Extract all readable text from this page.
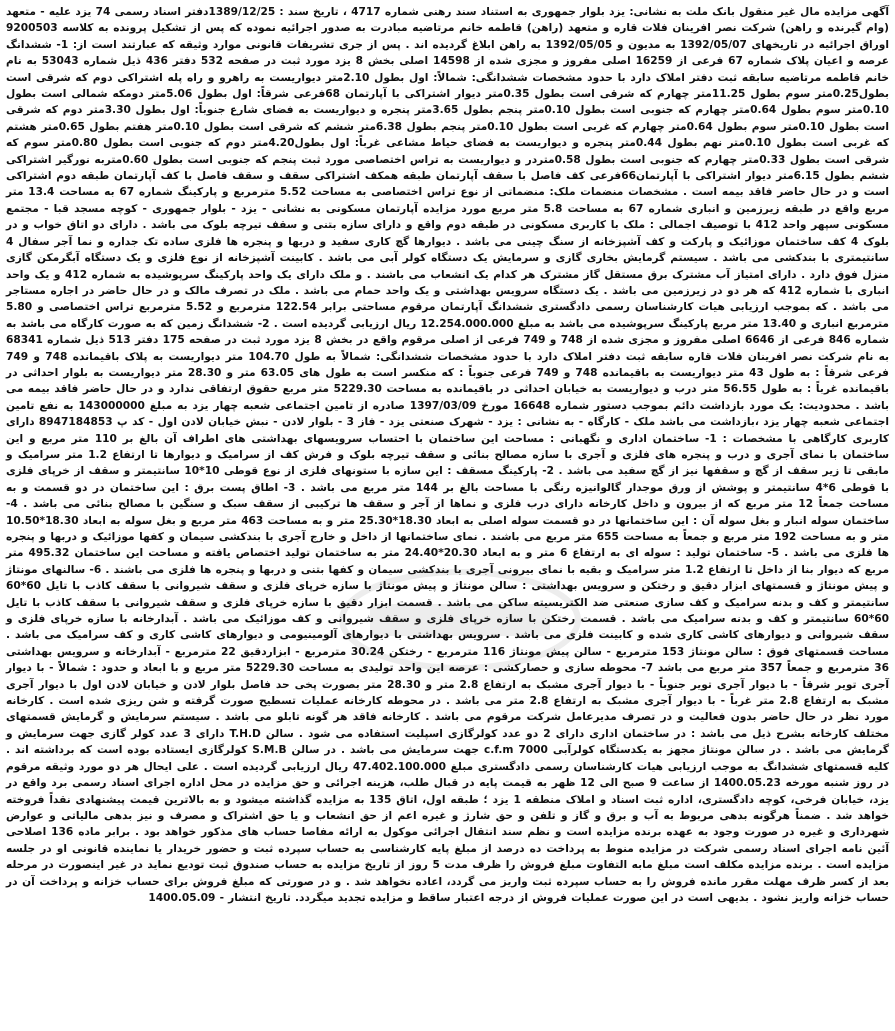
آگهی مزایده مال غیر منقول بانک ملت به نشانی: یزد بلوار جمهوری به استناد سند رهنی شماره 4717 ، تاریخ سند : 1389/12/25دفتر اسناد رسمی 74 یزد علیه - متعهد (وام گیرنده و راهن) شرکت نصر افرینان فلات قاره و متعهد (راهن) قاطمه خانم مرتاضیه مبادرت به صدور اجرائیه نموده که پس از تشکیل پرونده به کلاسه 9200503 اوراق اجرائیه در تاریخهای 1392/05/07 به مدیون و 1392/05/05 به راهن ابلاغ گردیده اند . پس از جری تشریفات قانونی موارد وثیقه که عبارتند است از: 1- ششدانگ عرصه و اعیان پلاک شماره 67 فرعی از 16259 اصلی مفروز و مجزی شده از 14598 اصلی بخش 8 یزد مورد ثبت در صفحه 532 دفتر 436 ذیل شماره 53043 به نام خانم قاطمه مرتاضیه سابقه ثبت دفتر املاک دارد با حدود مشخصات ششدانگی: شمالاً: اول بطول 2.10متر دیواریست به راهرو و راه پله اشتراکی دوم که شرقی است بطول0.25متر سوم بطول 11.25متر چهارم که شرقی است بطول 0.35متر دیوار اشتراکی با آپارتمان 68فرعی شرقاً: اول بطول 5.06متر دومکه شمالی است بطول 0.10متر سوم بطول 0.64متر چهارم که جنوبی است بطول 0.10متر پنجم بطول 3.65متر پنجره و دیواریست به فضای شارع جنوباً: اول بطول 3.30متر دوم که شرقی است بطول 0.10متر سوم بطول 0.64متر چهارم که غربی است بطول 0.10متر پنجم بطول 6.38متر ششم که شرقی است بطول 0.10متر هفتم بطول 0.65متر هشتم که غربی است بطول 0.10متر نهم بطول 0.44متر پنجره و دیواریست به فضای حیاط مشاعی غرباً: اول بطول4.20متر دوم که جنوبی است بطول 0.80متر سوم که شرقی است بطول 0.33متر چهارم که جنوبی است بطول 0.58متردر و دیواریست به تراس اختصاصی مورد ثبت پنجم که جنوبی است بطول 0.60متربه نورگیر اشتراکی ششم بطول 6.15متر دیوار اشتراکی با آپارتمان66فرعی کف فاصل با سقف آپارتمان طبقه همکف اشتراکی سقف و سقف فاصل با کف آپارتمان طبقه دوم اشتراکی است و در حال حاضر فاقد بیمه است . مشخصات منضمات ملک: منضماتی از نوع تراس اختصاصی به مساحت 5.52 مترمربع و پارکینگ شماره 67 به مساحت 13.4 متر مربع واقع در طبقه زیرزمین و انباری شماره 67 به مساحت 5.8 متر مربع مورد مزایده آپارتمان مسکونی به نشانی - یزد - بلوار جمهوری - کوچه مسجد قبا - مجتمع مسکونی سپهر واحد 412 با توصیف اجمالی : ملک با کاربری مسکونی در طبقه دوم واقع و دارای سازه بتنی و سقف تیرچه بلوک می باشد . دارای دو اتاق خواب و در بلوک 4 کف ساختمان موزائیک و پارکت و کف آشپزخانه از سنگ چینی می باشد . دیوارها گچ کاری سفید و دربها و پنجره ها فلزی ساده تک جداره و نما آجر سفال 4 سانتیمتری با بندکشی می باشد . سیستم گرمایش بخاری گازی و سرمایش یک دستگاه کولر آبی می باشد . کابینت آشپزخانه از نوع فلزی و یک دستگاه آبگرمکن گازی منزل فوق دارد . دارای امتیاز آب مشترک برق مستقل گاز مشترک هر کدام یک انشعاب می باشند . و ملک دارای یک واحد پارکینگ سرپوشیده به شماره 412 و یک واحد انباری با شماره 412 که هر دو در زیرزمین می باشد . یک دستگاه سرویس بهداشتی و یک واحد حمام می باشد . ملک در تصرف مالک و در حال حاضر در اجاره مستاجر می باشد . که بموجب ارزیابی هیات کارشناسان رسمی دادگستری ششدانگ آپارتمان مرقوم مساحتی برابر 122.54 مترمربع و 5.52 مترمربع تراس اختصاصی و 5.80 مترمربع انباری و 13.40 متر مربع پارکینگ سرپوشیده می باشد به مبلغ 12.254.000.000 ریال ارزیابی گردیده است . 2- ششدانگ زمین که به صورت کارگاه می باشد به شماره 846 فرعی از 6646 اصلی مفروز و مجزی شده از 748 و 749 فرعی از اصلی مرقوم واقع در بخش 8 یزد مورد ثبت در صفحه 175 دفتر 513 ذیل شماره 68341 به نام شرکت نصر افرینان فلات قاره سابقه ثبت دفتر املاک دارد با حدود مشخصات ششدانگی: شمالاً به طول 104.70 متر دیواریست به پلاک باقیمانده 748 و 749 فرعی شرقاً : به طول 43 متر دیواریست به باقیمانده 748 و 749 فرعی جنوباً : که منکسر است به طول های 63.05 متر و 28.30 متر دیواریست به بلوار احداثی در باقیمانده غرباً : به طول 56.55 متر درب و دیواریست به خیابان احداثی در باقیمانده به مساحت 5229.30 متر مربع حقوق ارتفاقی ندارد و در حال حاضر فاقد بیمه می باشد . محدودیت: یک مورد بازداشت دائم بموجب دستور شماره 16648 مورخ 1397/03/09 صادره از تامین اجتماعی شعبه چهار یزد به مبلغ 143000000 به نفع تامین اجتماعی شعبه چهار یزد ،بازداشت می باشد ملک - کارگاه - به نشانی : یزد - شهرک صنعتی یزد - فاز 3 - بلوار لادن - نبش خیابان لادن اول - کد پ 8947184853 دارای کاربری کارگاهی با مشخصات : 1- ساختمان اداری و نگهبانی : مساحت این ساختمان با احتساب سرویسهای بهداشتی های اطراف آن بالغ بر 110 متر مربع و این ساختمان با نمای آجری و درب و پنجره های فلزی و آجری با سازه مصالح بنائی و سقف تیرچه بلوک و فرش کف از سرامیک و دیوارها تا ارتفاع 1.2 متر سرامیک و مابقی تا زیر سقف از گچ و سقفها نیز از گچ سفید می باشد . 2- پارکینگ مسقف : این سازه با ستونهای فلزی از نوع قوطی 10*10 سانتیمتر و سقف از خرپای فلزی با قوطی 6*4 سانتیمتر و پوشش از ورق موجدار گالوانیزه رنگی با مساحت بالغ بر 144 متر مربع می باشد . 3- اطاق پست برق : این ساختمان در دو قسمت و به مساحت جمعاً 12 متر مربع که از بیرون و داخل کارخانه دارای درب فلزی و نماها از آجر و سقف ها ترکیبی از سقف سبک و سنگین با مصالح بنائی می باشد . 4- ساختمان سوله انبار و بغل سوله آن : این ساختمانها در دو قسمت سوله اصلی به ابعاد 18.30*25.30 متر و به مساحت 463 متر مربع و بغل سوله به ابعاد 18.30*10.50 متر و به مساحت 192 متر مربع و جمعاً به مساحت 655 متر مربع می باشند . نمای ساختمانها از داخل و خارج آجری با بندکشی سیمان و کفها موزائیک و دربها و پنجره ها فلزی می باشد . 5- ساختمان تولید : سوله ای به ارتفاع 6 متر و به ابعاد 20.30*24.40 متر به ساختمان تولید اختصاص یافته و مساحت این ساختمان 495.32 متر مربع که دیوار بنا از داخل تا ارتفاع 1.2 متر سرامیک و بقیه با نمای بیرونی آجری با بندکشی سیمان و کفها بتنی و دربها و پنجره ها فلزی می باشند . 6- سالنهای مونتاژ و پیش مونتاژ و قسمتهای ابزار دقیق و رختکن و سرویس بهداشتی : سالن مونتاژ و پیش مونتاژ با سازه خرپای فلزی و سقف شیروانی با سقف کاذب با تایل 60*60 سانتیمتر و کف و بدنه سرامیک و کف سازی صنعتی ضد الکتریسیته ساکن می باشد . قسمت ابزار دقیق با سازه خرپای فلزی و سقف شیروانی با سقف کاذب با تایل 60*60 سانتیمتر و کف و بدنه سرامیک می باشد . قسمت رختکن با سازه خرپای فلزی و سقف شیروانی و کف موزائیک می باشد . آبدارخانه با سازه خرپای فلزی و سقف شیروانی و دیوارهای کاشی کاری شده و کابینت فلزی می باشد . سرویس بهداشتی با دیوارهای آلومینیومی و دیوارهای کاشی کاری و کف سرامیک می باشد . مساحت قسمتهای فوق : سالن مونتاژ 153 مترمربع - سالن پیش مونتاژ 116 مترمربع - رختکن 30.24 مترمربع - ابزاردقیق 22 مترمربع - آبدارخانه و سرویس بهداشتی 36 مترمربع و جمعاً 357 متر مربع می باشد 7- محوطه سازی و حصارکشی : عرصه این واحد تولیدی به مساحت 5229.30 متر مربع و با ابعاد و حدود : شمالاً - با دیوار آجری تویر شرقاً - با دیوار آجری تویر جنوباً - با دیوار آجری مشبک به ارتفاع 2.8 متر و 28.30 متر بصورت پخی حد فاصل بلوار لادن و خیابان لادن اول با دیوار آجری مشبک به ارتفاع 2.8 متر غرباً - با دیوار آجری مشبک به ارتفاع 2.8 متر می باشد . در محوطه کارخانه عملیات تسطیح صورت گرفته و شن ریزی شده است . کارخانه مورد نظر در حال حاضر بدون فعالیت و در تصرف مدیرعامل شرکت مرقوم می باشد . کارخانه فاقد هر گونه تابلو می باشد . سیستم سرمایش و گرمایش قسمتهای مختلف کارخانه بشرح ذیل می باشد : در ساختمان اداری دارای 2 دو عدد کولرگازی اسپلیت استفاده می شود . سالن T.H.D دارای 3 عدد کولر گازی جهت سرمایش و گرمایش می باشد . در سالن مونتاژ مجهز به یکدستگاه کولرآبی 7000 c.f.m جهت سرمایش می باشد . در سالن S.M.B کولرگازی ایستاده بوده است که برداشته اند . کلیه قسمتهای ششدانگ به موجب ارزیابی هیات کارشناسان رسمی دادگستری مبلغ 47.402.100.000 ریال ارزیابی گردیده است . علی ایحال هر دو مورد وثیقه مرقوم در روز شنبه مورخه 1400.05.23 از ساعت 9 صبح الی 12 ظهر به قیمت پایه در قبال طلب، هزینه اجرائی و حق مزایده در محل اداره اجرای اسناد رسمی برد واقع در یزد، خیابان فرخی، کوچه دادگستری، اداره ثبت اسناد و املاک منطقه 1 یزد ؛ طبقه اول، اتاق 135 به مزایده گذاشته میشود و به بالاترین قیمت پیشنهادی نقداً فروخته خواهد شد . ضمناً هرگونه بدهی مربوط به آب و برق و گاز و تلفن و حق شارژ و غیره اعم از حق انشعاب و یا حق اشتراک و مصرف و نیز بدهی مالیاتی و عوارض شهرداری و غیره در صورت وجود به عهده برنده مزایده است و نظم سند انتقال اجرائی موکول به ارائه مفاصا حساب های مذکور خواهد بود . برابر ماده 136 اصلاحی آئین نامه اجرای اسناد رسمی شرکت در مزایده منوط به پرداخت ده درصد از مبلغ پایه کارشناسی به حساب سپرده ثبت و حضور خریدار یا نماینده قانونی او در جلسه مزایده است . برنده مزایده مکلف است مبلغ مابه التفاوت مبلغ فروش را ظرف مدت 5 روز از تاریخ مزایده به حساب صندوق ثبت تودیع نماید در غیر اینصورت در مرحله بعد از کسر ظرف مهلت مقرر مانده فروش را به حساب سپرده ثبت واریز می گردد، اعاده نخواهد شد . و در صورتی که مبلغ فروش برای حساب خزانه و پرداخت آن در حساب خزانه واریز نشود . بدیهی است در این صورت عملیات فروش از درجه اعتبار ساقط و مزایده تجدید میگردد. تاریخ انتشار - 1400.05.09
